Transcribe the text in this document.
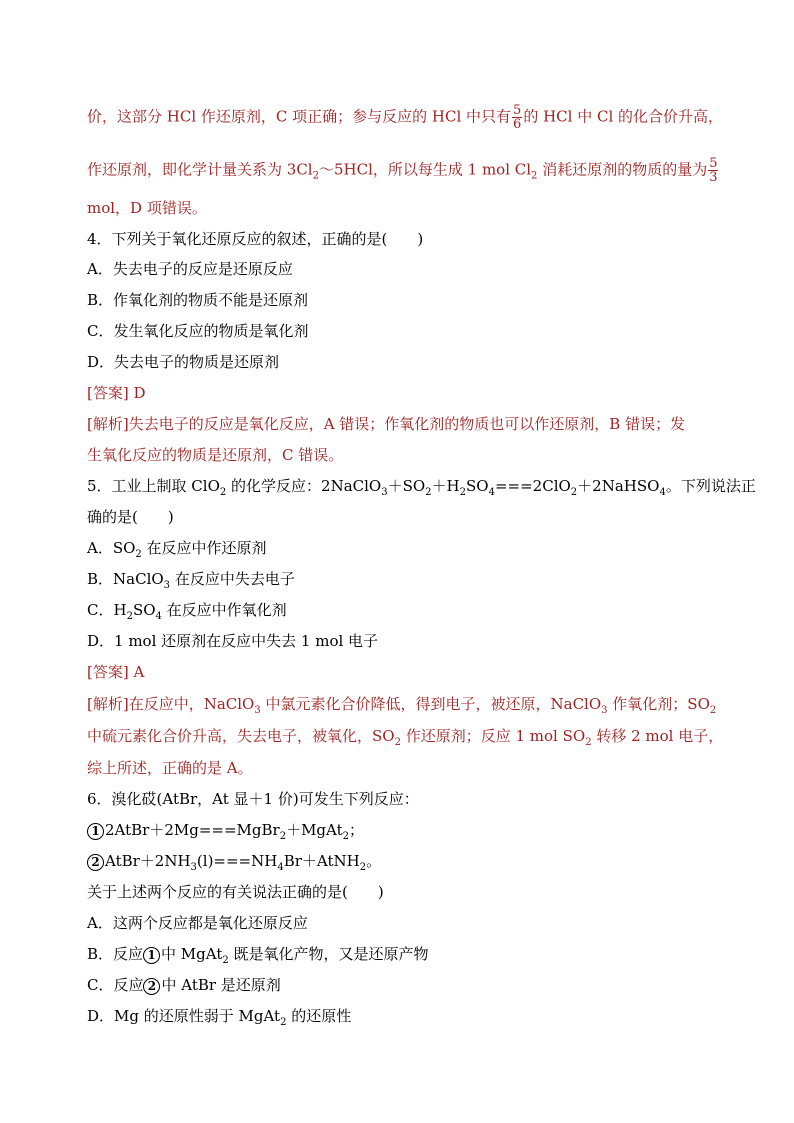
价，这部分 HCl 作还原剂，C 项正确；参与反应的 HCl 中只有 $\frac{5}{6}$ 的 HCl 中 Cl 的化合价升高，
作还原剂，即化学计量关系为 $3Cl_2\sim 5HCl$，所以每生成 1 mol $Cl_2$ 消耗还原剂的物质的量为 $\frac{5}{3}$
mol，D 项错误。
4．下列关于氧化还原反应的叙述，正确的是(　　)
A．失去电子的反应是还原反应
B．作氧化剂的物质不能是还原剂
C．发生氧化反应的物质是氧化剂
D．失去电子的物质是还原剂
[答案] D
[解析]失去电子的反应是氧化反应，A 错误；作氧化剂的物质也可以作还原剂，B 错误；发
生氧化反应的物质是还原剂，C 错误。
5．工业上制取 ClO$_2$ 的化学反应：$2NaClO_3+SO_2+H_2SO_4===2ClO_2+2NaHSO_4$。下列说法正
确的是(　　)
A．$SO_2$ 在反应中作还原剂
B．NaClO$_3$ 在反应中失去电子
C．$H_2SO_4$ 在反应中作氧化剂
D．1 mol 还原剂在反应中失去 1 mol 电子
[答案] A
[解析]在反应中，NaClO$_3$ 中氯元素化合价降低，得到电子，被还原，NaClO$_3$ 作氧化剂；$SO_2$
中硫元素化合价升高，失去电子，被氧化，$SO_2$ 作还原剂；反应 1 mol $SO_2$ 转移 2 mol 电子，
综上所述，正确的是 A。
6．溴化砹(AtBr，At 显＋1 价)可发生下列反应：
1 2AtBr＋2Mg===MgBr$_2$＋MgAt$_2$；
2 $AtBr+2NH_3(l)===NH_4Br+AtNH_2$。
关于上述两个反应的有关说法正确的是(　　)
A．这两个反应都是氧化还原反应
B．反应 1 中 MgAt$_2$ 既是氧化产物，又是还原产物
C．反应 2 中 AtBr 是还原剂
D．Mg 的还原性弱于 MgAt$_2$ 的还原性
